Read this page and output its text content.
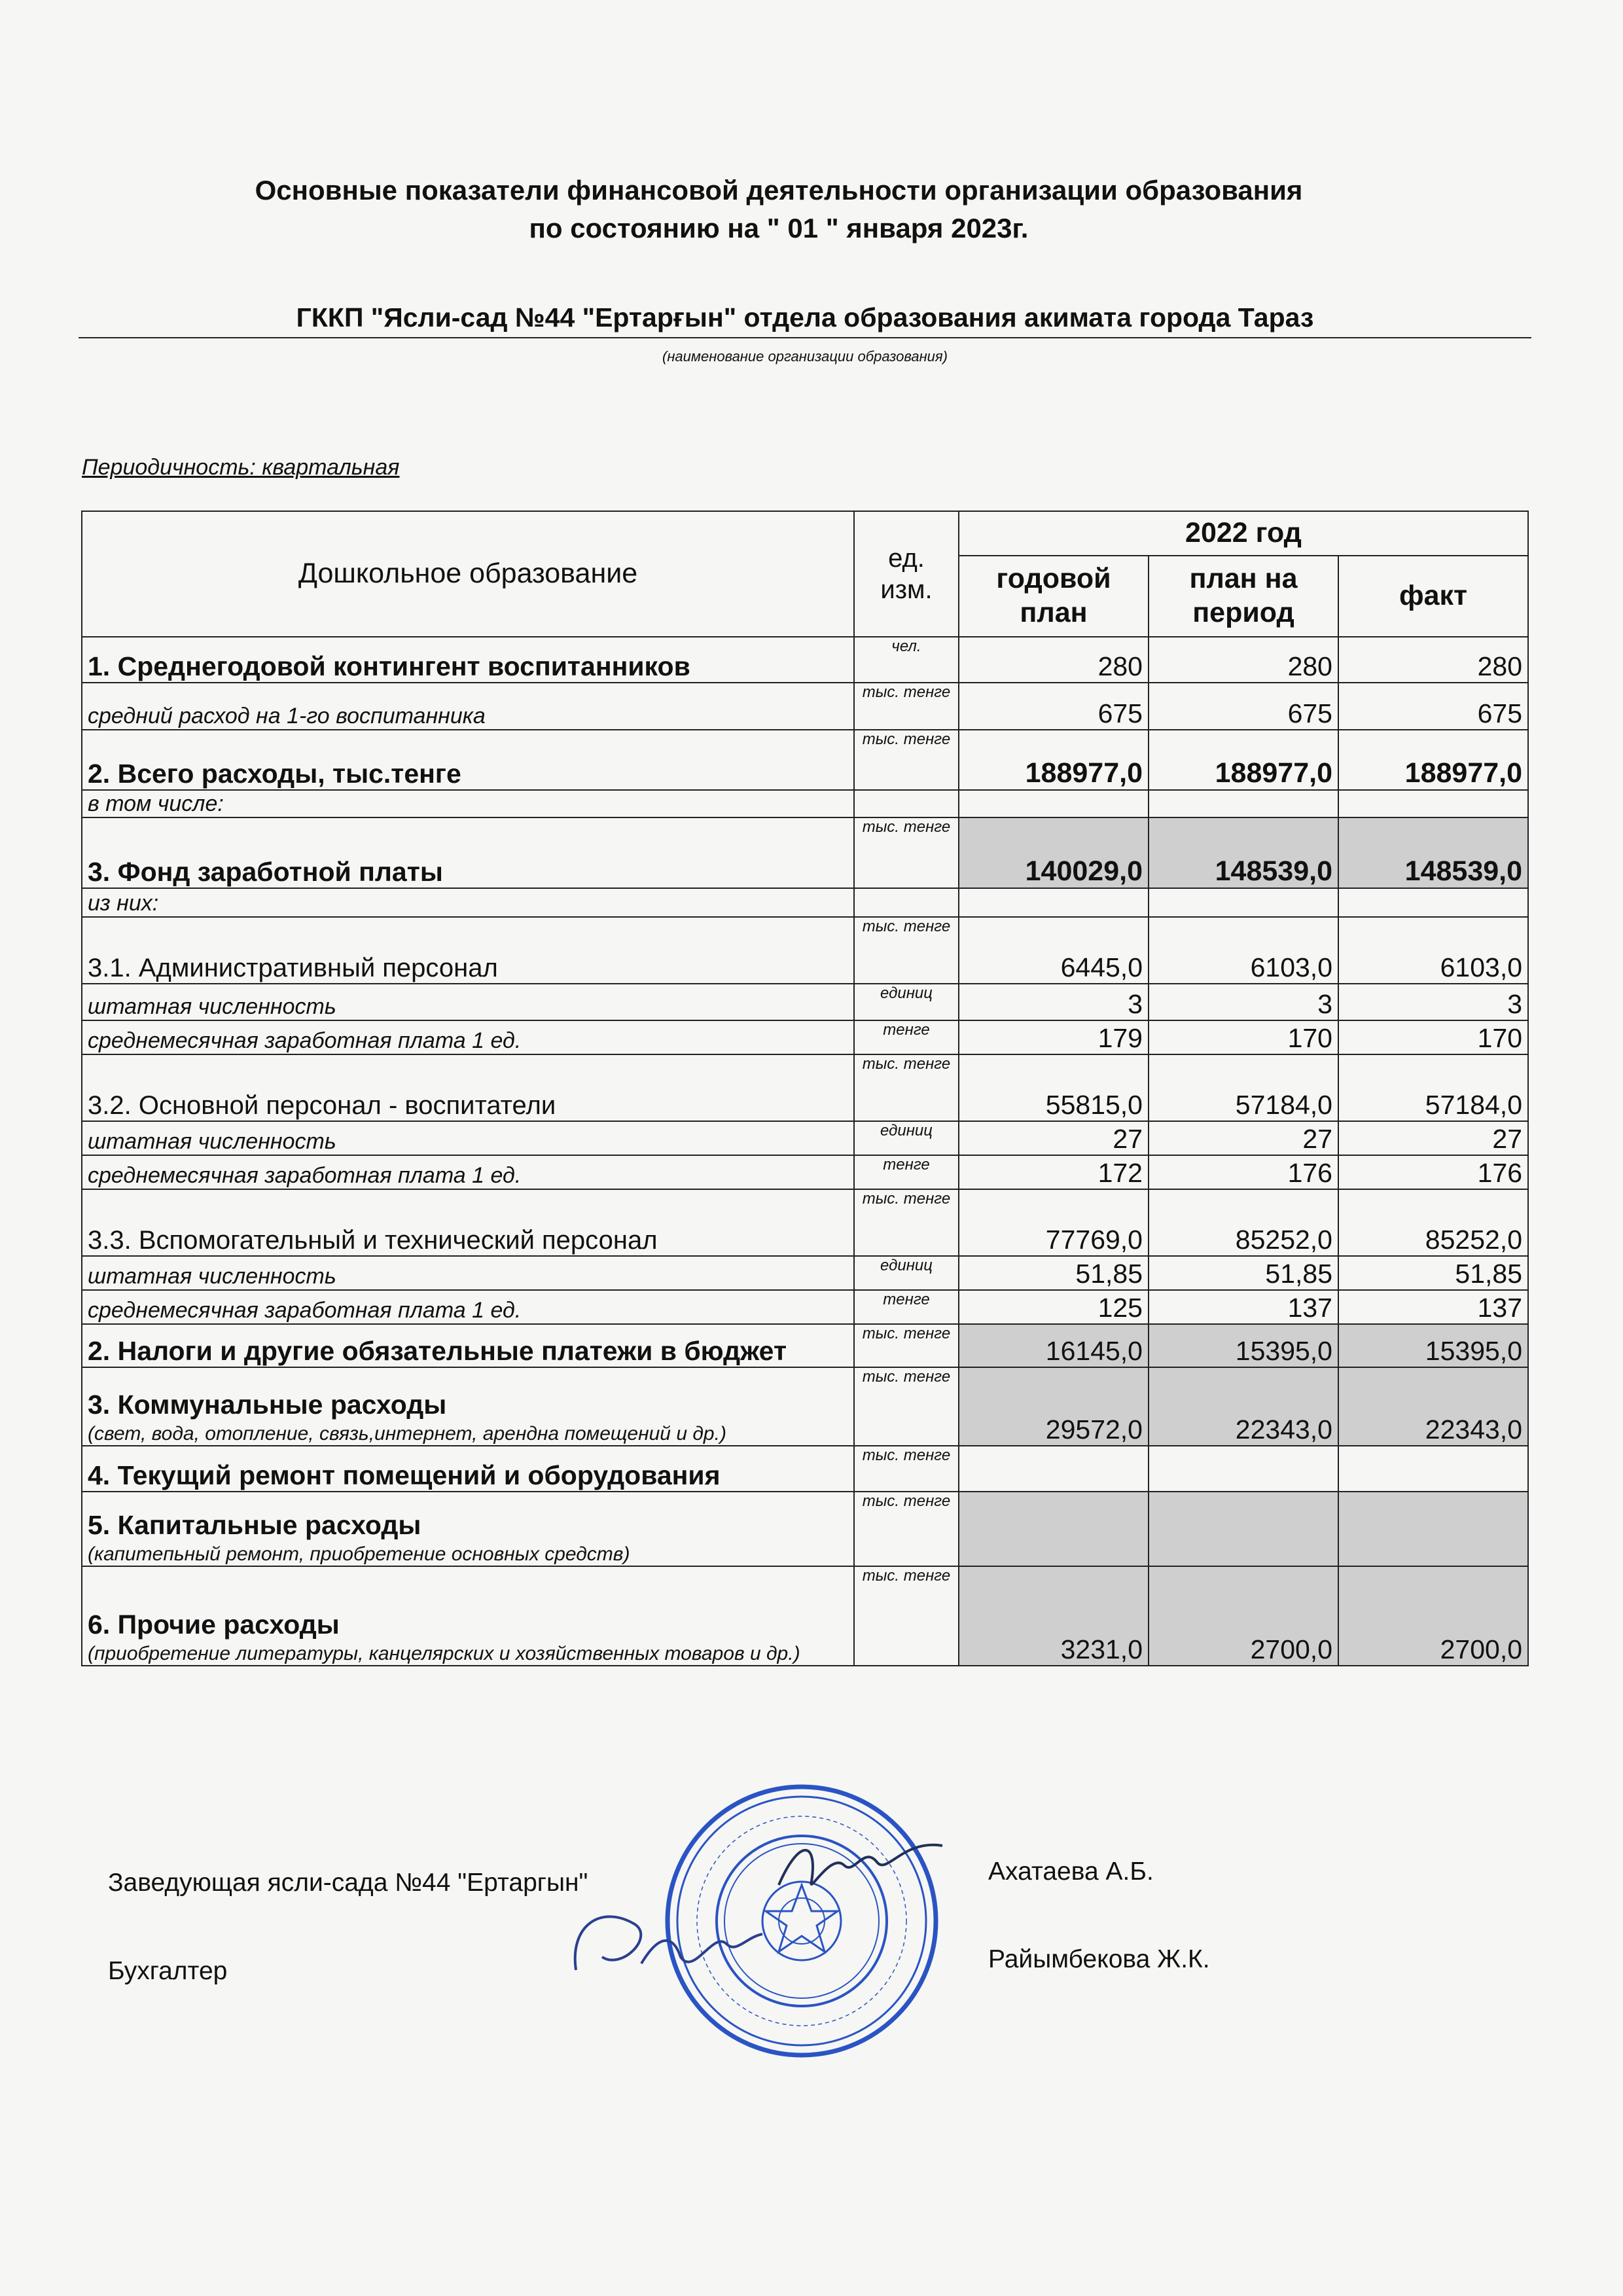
Основные показатели финансовой деятельности организации образования
по состоянию на " 01 " января 2023г.
ГККП "Ясли-сад №44 "Ертарғын" отдела образования акимата города Тараз
(наименование организации образования)
Периодичность: квартальная
Дошкольное образование	ед. изм.	2022 год		
		годовой план	план на период	факт
1. Среднегодовой контингент воспитанников	чел.	280	280	280
средний расход на 1-го воспитанника	тыс. тенге	675	675	675
2. Всего расходы, тыс.тенге	тыс. тенге	188977,0	188977,0	188977,0
в том числе:				
3. Фонд заработной платы	тыс. тенге	140029,0	148539,0	148539,0
из них:				
3.1. Административный персонал	тыс. тенге	6445,0	6103,0	6103,0
штатная численность	единиц	3	3	3
среднемесячная заработная плата 1 ед.	тенге	179	170	170
3.2. Основной персонал - воспитатели	тыс. тенге	55815,0	57184,0	57184,0
штатная численность	единиц	27	27	27
среднемесячная заработная плата 1 ед.	тенге	172	176	176
3.3. Вспомогательный и технический персонал	тыс. тенге	77769,0	85252,0	85252,0
штатная численность	единиц	51,85	51,85	51,85
среднемесячная заработная плата 1 ед.	тенге	125	137	137
2. Налоги и другие обязательные платежи в бюджет	тыс. тенге	16145,0	15395,0	15395,0
3. Коммунальные расходы
(свет, вода, отопление, связь,интернет, арендна помещений и др.)	тыс. тенге	29572,0	22343,0	22343,0
4. Текущий ремонт помещений и оборудования	тыс. тенге			
5. Капитальные расходы
(капитепьный ремонт, приобретение основных средств)	тыс. тенге			
6. Прочие расходы
(приобретение литературы, канцелярских и хозяйственных товаров и др.)	тыс. тенге	3231,0	2700,0	2700,0
Заведующая ясли-сада №44 "Ертаргын"	Ахатаева А.Б.
Бухгалтер	Райымбекова Ж.К.
